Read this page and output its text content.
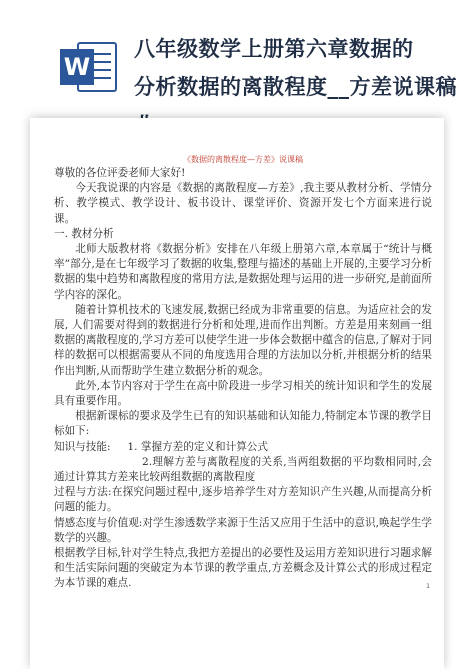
W
八年级数学上册第六章数据的
分析数据的离散程度__方差说课稿
《数据的离散程度—方差》说课稿

尊敬的各位评委老师大家好!

今天我说课的内容是《数据的离散程度—方差》,我主要从教材分析、学情分析、教学模式、教学设计、板书设计、课堂评价、资源开发七个方面来进行说课。

一. 教材分析

北师大版教材将《数据分析》安排在八年级上册第六章,本章属于“统计与概率”部分,是在七年级学习了数据的收集,整理与描述的基础上开展的,主要学习分析数据的集中趋势和离散程度的常用方法,是数据处理与运用的进一步研究,是前面所学内容的深化。

随着计算机技术的飞速发展,数据已经成为非常重要的信息。为适应社会的发展, 人们需要对得到的数据进行分析和处理,进而作出判断。方差是用来刻画一组数据的离散程度的,学习方差可以使学生进一步体会数据中蕴含的信息,了解对于同样的数据可以根据需要从不同的角度选用合理的方法加以分析,并根据分析的结果作出判断,从而帮助学生建立数据分析的观念。

此外,本节内容对于学生在高中阶段进一步学习相关的统计知识和学生的发展具有重要作用。

根据新课标的要求及学生已有的知识基础和认知能力,特制定本节课的教学目标如下:

知识与技能: 1. 掌握方差的定义和计算公式

2.理解方差与离散程度的关系,当两组数据的平均数相同时,会通过计算其方差来比较两组数据的离散程度

过程与方法:在探究问题过程中,逐步培养学生对方差知识产生兴趣,从而提高分析问题的能力。

情感态度与价值观:对学生渗透数学来源于生活又应用于生活中的意识,唤起学生学数学的兴趣。

根据教学目标,针对学生特点,我把方差提出的必要性及运用方差知识进行习题求解和生活实际问题的突破定为本节课的教学重点,方差概念及计算公式的形成过程定为本节课的难点.	1
